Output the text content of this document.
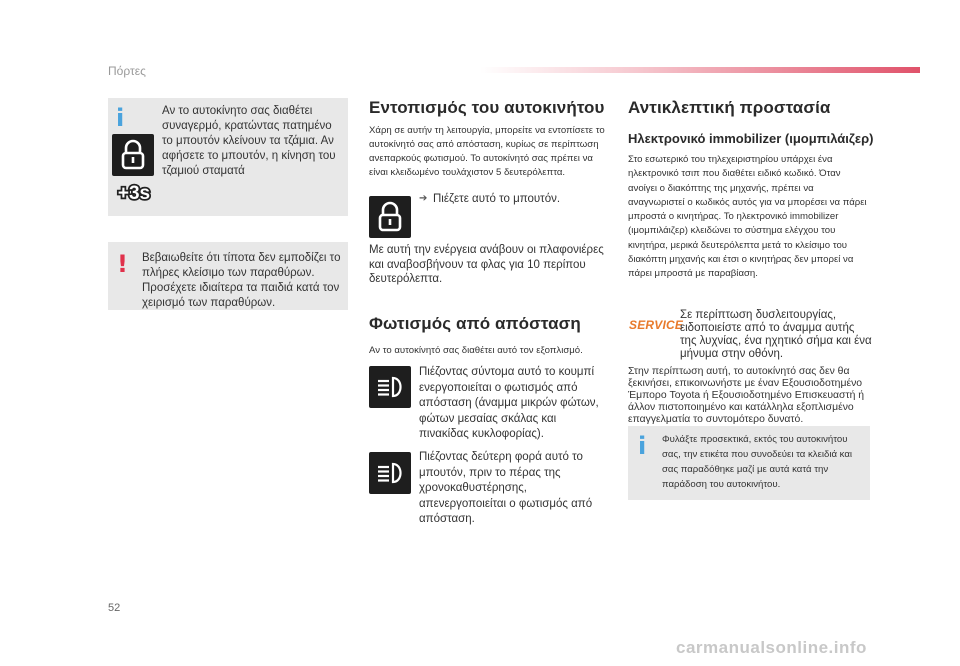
Πόρτες
i
+3s
Αν το αυτοκίνητο σας διαθέτει συναγερμό, κρατώντας πατημένο το μπουτόν κλείνουν τα τζάμια. Αν αφήσετε το μπουτόν, η κίνηση του τζαμιού σταματά
! Βεβαιωθείτε ότι τίποτα δεν εμποδίζει το πλήρες κλείσιμο των παραθύρων. Προσέχετε ιδιαίτερα τα παιδιά κατά τον χειρισμό των παραθύρων.
Εντοπισμός του αυτοκινήτου
Χάρη σε αυτήν τη λειτουργία, μπορείτε να εντοπίσετε το αυτοκίνητό σας από απόσταση, κυρίως σε περίπτωση ανεπαρκούς φωτισμού. Το αυτοκίνητό σας πρέπει να είναι κλειδωμένο τουλάχιστον 5 δευτερόλεπτα.
➔ Πιέζετε αυτό το μπουτόν.
Με αυτή την ενέργεια ανάβουν οι πλαφονιέρες και αναβοσβήνουν τα φλας για 10 περίπου δευτερόλεπτα.
Φωτισμός από απόσταση
Αν το αυτοκίνητό σας διαθέτει αυτό τον εξοπλισμό.
Πιέζοντας σύντομα αυτό το κουμπί ενεργοποιείται ο φωτισμός από απόσταση (άναμμα μικρών φώτων, φώτων μεσαίας σκάλας και πινακίδας κυκλοφορίας).
Πιέζοντας δεύτερη φορά αυτό το μπουτόν, πριν το πέρας της χρονοκαθυστέρησης, απενεργοποιείται ο φωτισμός από απόσταση.
Αντικλεπτική προστασία
Ηλεκτρονικό immobilizer (ιμομπιλάιζερ)
Στο εσωτερικό του τηλεχειριστηρίου υπάρχει ένα ηλεκτρονικό τσιπ που διαθέτει ειδικό κωδικό. Όταν ανοίγει ο διακόπτης της μηχανής, πρέπει να αναγνωριστεί ο κωδικός αυτός για να μπορέσει να πάρει μπροστά ο κινητήρας. Το ηλεκτρονικό immobilizer (ιμομπιλάιζερ) κλειδώνει το σύστημα ελέγχου του κινητήρα, μερικά δευτερόλεπτα μετά το κλείσιμο του διακόπτη μηχανής και έτσι ο κινητήρας δεν μπορεί να πάρει μπροστά με παραβίαση.
SERVICE
Σε περίπτωση δυσλειτουργίας, ειδοποιείστε από το άναμμα αυτής της λυχνίας, ένα ηχητικό σήμα και ένα μήνυμα στην οθόνη.
Στην περίπτωση αυτή, το αυτοκίνητό σας δεν θα ξεκινήσει, επικοινωνήστε με έναν Εξουσιοδοτημένο Έμπορο Toyota ή Εξουσιοδοτημένο Επισκευαστή ή άλλον πιστοποιημένο και κατάλληλα εξοπλισμένο επαγγελματία το συντομότερο δυνατό.
i Φυλάξτε προσεκτικά, εκτός του αυτοκινήτου σας, την ετικέτα που συνοδεύει τα κλειδιά και σας παραδόθηκε μαζί με αυτά κατά την παράδοση του αυτοκινήτου.
52
carmanualsonline.info
